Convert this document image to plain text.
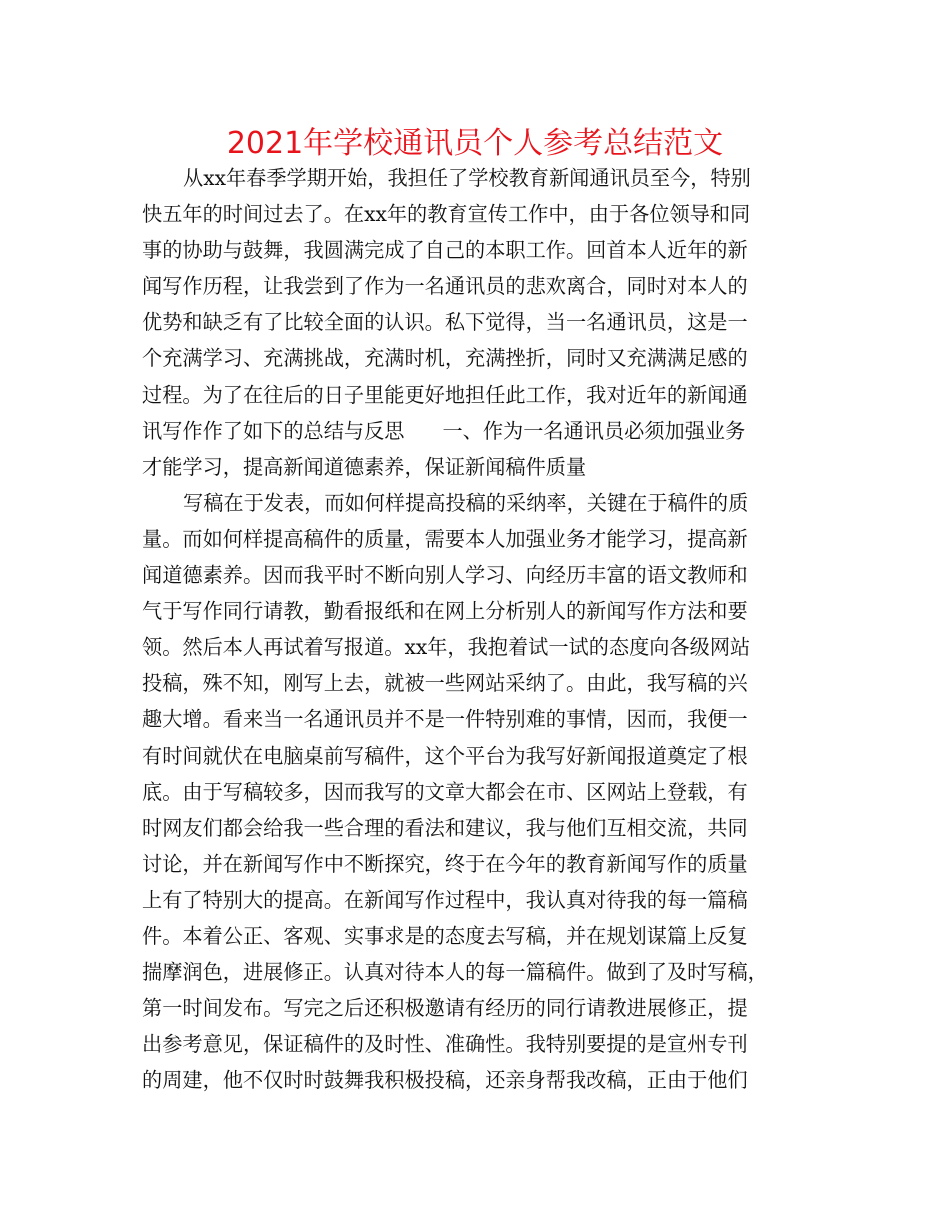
2021年学校通讯员个人参考总结范文
从xx年春季学期开始，我担任了学校教育新闻通讯员至今，特别
快五年的时间过去了。在xx年的教育宣传工作中，由于各位领导和同
事的协助与鼓舞，我圆满完成了自己的本职工作。回首本人近年的新
闻写作历程，让我尝到了作为一名通讯员的悲欢离合，同时对本人的
优势和缺乏有了比较全面的认识。私下觉得，当一名通讯员，这是一
个充满学习、充满挑战，充满时机，充满挫折，同时又充满满足感的
过程。为了在往后的日子里能更好地担任此工作，我对近年的新闻通
讯写作作了如下的总结与反思 一、作为一名通讯员必须加强业务
才能学习，提高新闻道德素养，保证新闻稿件质量
写稿在于发表，而如何样提高投稿的采纳率，关键在于稿件的质
量。而如何样提高稿件的质量，需要本人加强业务才能学习，提高新
闻道德素养。因而我平时不断向别人学习、向经历丰富的语文教师和
气于写作同行请教，勤看报纸和在网上分析别人的新闻写作方法和要
领。然后本人再试着写报道。xx年，我抱着试一试的态度向各级网站
投稿，殊不知，刚写上去，就被一些网站采纳了。由此，我写稿的兴
趣大增。看来当一名通讯员并不是一件特别难的事情，因而，我便一
有时间就伏在电脑桌前写稿件，这个平台为我写好新闻报道奠定了根
底。由于写稿较多，因而我写的文章大都会在市、区网站上登载，有
时网友们都会给我一些合理的看法和建议，我与他们互相交流，共同
讨论，并在新闻写作中不断探究，终于在今年的教育新闻写作的质量
上有了特别大的提高。在新闻写作过程中，我认真对待我的每一篇稿
件。本着公正、客观、实事求是的态度去写稿，并在规划谋篇上反复
揣摩润色，进展修正。认真对待本人的每一篇稿件。做到了及时写稿，
第一时间发布。写完之后还积极邀请有经历的同行请教进展修正，提
出参考意见，保证稿件的及时性、准确性。我特别要提的是宣州专刊
的周建，他不仅时时鼓舞我积极投稿，还亲身帮我改稿，正由于他们
